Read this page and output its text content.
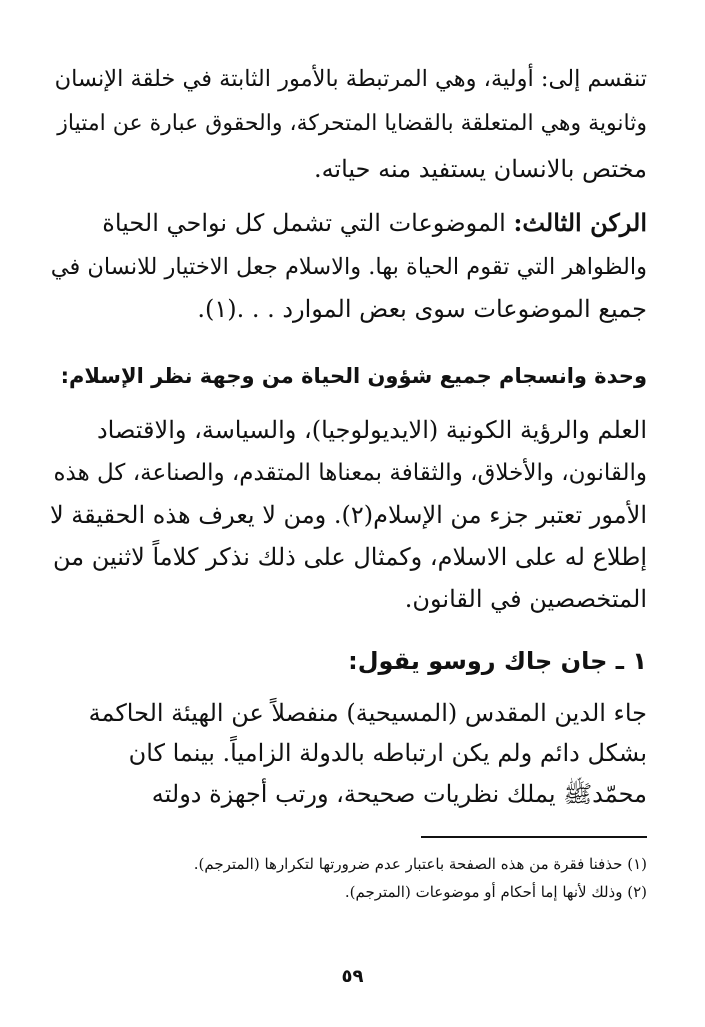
تنقسم إلى: أولية، وهي المرتبطة بالأمور الثابتة في خلقة الإنسان
وثانوية وهي المتعلقة بالقضايا المتحركة، والحقوق عبارة عن امتياز
مختص بالانسان يستفيد منه حياته.
الركن الثالث: الموضوعات التي تشمل كل نواحي الحياة
والظواهر التي تقوم الحياة بها. والاسلام جعل الاختيار للانسان في
جميع الموضوعات سوى بعض الموارد . . .(١).
وحدة وانسجام جميع شؤون الحياة من وجهة نظر الإسلام:
العلم والرؤية الكونية (الايديولوجيا)، والسياسة، والاقتصاد
والقانون، والأخلاق، والثقافة بمعناها المتقدم، والصناعة، كل هذه
الأمور تعتبر جزء من الإسلام(٢). ومن لا يعرف هذه الحقيقة لا
إطلاع له على الاسلام، وكمثال على ذلك نذكر كلاماً لاثنين من
المتخصصين في القانون.
١ ـ جان جاك روسو يقول:
جاء الدين المقدس (المسيحية) منفصلاً عن الهيئة الحاكمة
بشكل دائم ولم يكن ارتباطه بالدولة الزامياً. بينما كان
محمّدﷺ يملك نظريات صحيحة، ورتب أجهزة دولته
(١) حذفنا فقرة من هذه الصفحة باعتبار عدم ضرورتها لتكرارها (المترجم).
(٢) وذلك لأنها إما أحكام أو موضوعات (المترجم).
٥٩
